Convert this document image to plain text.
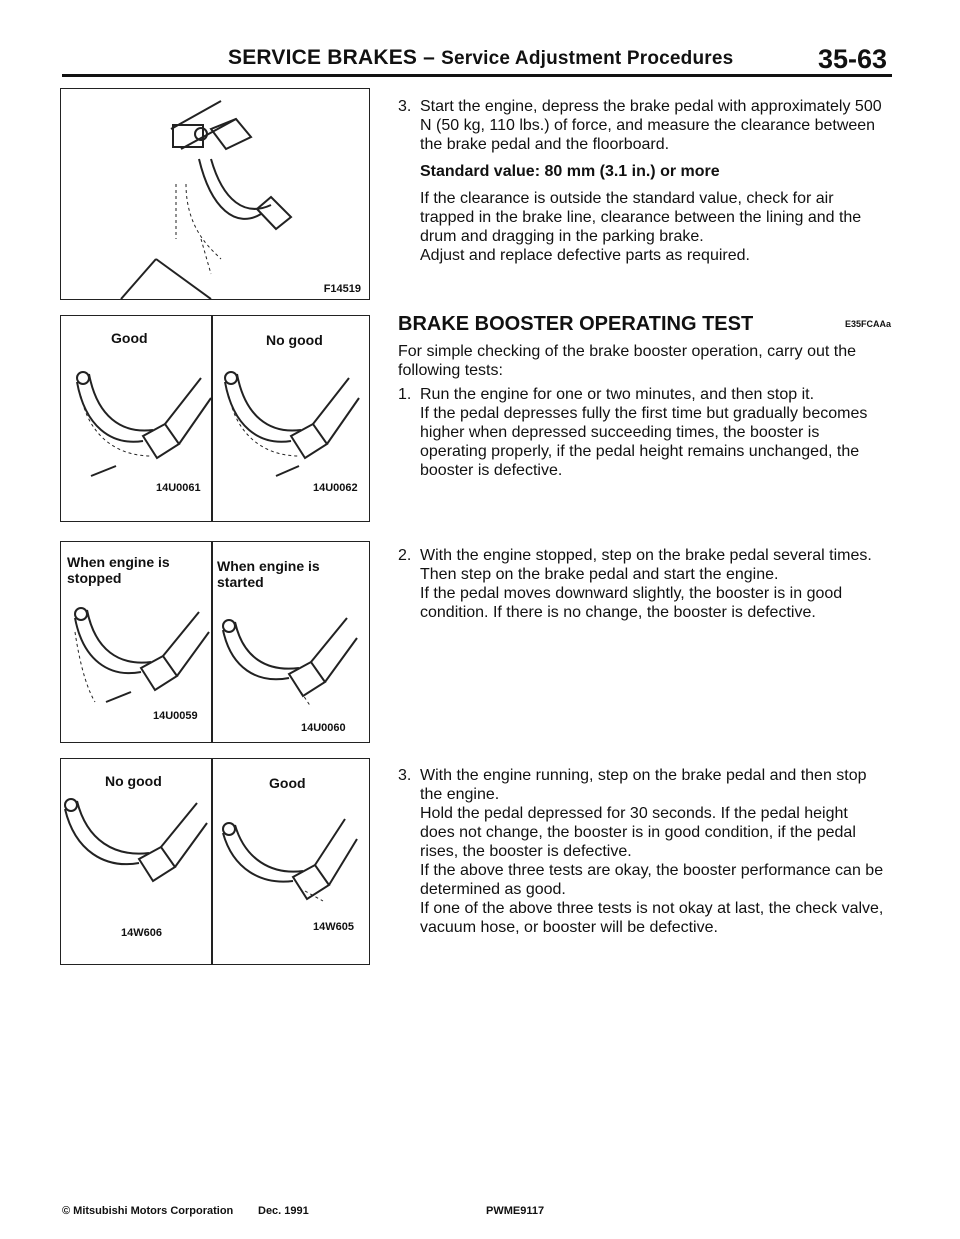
SERVICE BRAKES – Service Adjustment Procedures	35-63
F14519
Good	No good
14U0061	14U0062
When engine is stopped
When engine is started
14U0059
14U0060
No good	Good
14W606	14W605
3. Start the engine, depress the brake pedal with approximately 500 N (50 kg, 110 lbs.) of force, and measure the clearance between the brake pedal and the floorboard.

Standard value: 80 mm (3.1 in.) or more

If the clearance is outside the standard value, check for air trapped in the brake line, clearance between the lining and the drum and dragging in the parking brake.

Adjust and replace defective parts as required.

BRAKE BOOSTER OPERATING TEST	E35FCAAa
For simple checking of the brake booster operation, carry out the following tests:
1. Run the engine for one or two minutes, and then stop it.

If the pedal depresses fully the first time but gradually becomes higher when depressed succeeding times, the booster is operating properly, if the pedal height remains unchanged, the booster is defective.

2. With the engine stopped, step on the brake pedal several times.

Then step on the brake pedal and start the engine.

If the pedal moves downward slightly, the booster is in good condition. If there is no change, the booster is defective.

3. With the engine running, step on the brake pedal and then stop the engine.

Hold the pedal depressed for 30 seconds. If the pedal height does not change, the booster is in good condition, if the pedal rises, the booster is defective.

If the above three tests are okay, the booster performance can be determined as good.

If one of the above three tests is not okay at last, the check valve, vacuum hose, or booster will be defective.

© Mitsubishi Motors Corporation Dec. 1991	PWME9117
